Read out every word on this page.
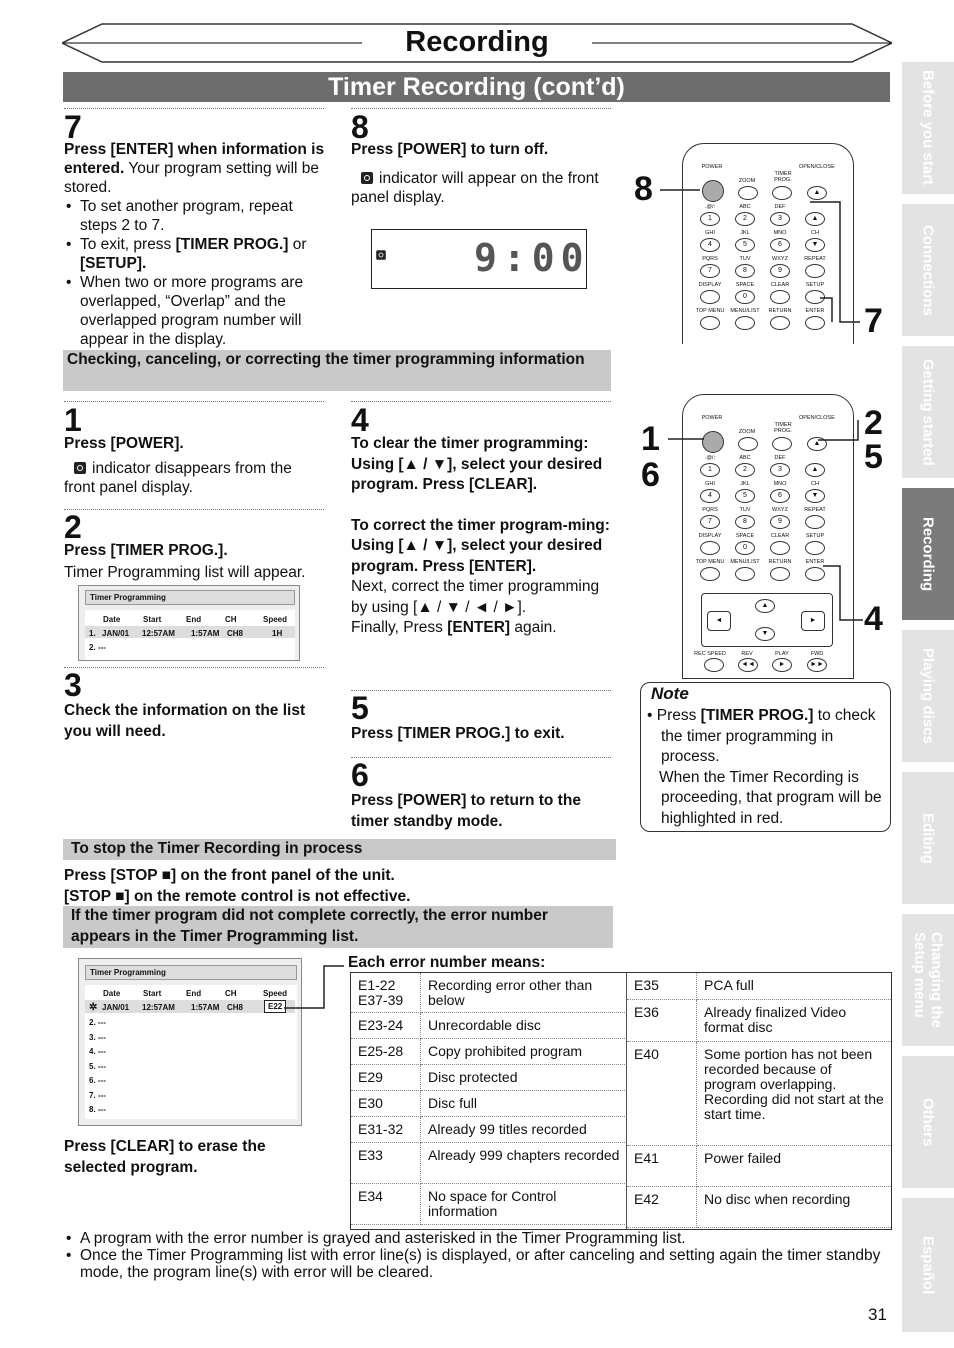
Recording
Timer Recording (cont’d)	Before you start
Connections
Getting started
Recording
Playing discs
Editing
Changing the
Setup menu
Others
Español
7
Press [ENTER] when information is entered. Your program setting will be stored.
• To set another program, repeat steps 2 to 7.
• To exit, press [TIMER PROG.] or [SETUP].
• When two or more programs are overlapped, “Overlap” and the overlapped program number will appear in the display.
8
Press [POWER] to turn off.
indicator will appear on the front panel display.
9:00
POWER
ZOOM
TIMER PROG.
OPEN/CLOSE
▲
.@/:
1
ABC
2
DEF
3	▲
GHI
4
JKL
5
MNO
6
CH
▼
PQRS
7
TUV
8
WXYZ
9
REPEAT
DISPLAY	SPACE
0
CLEAR	SETUP
TOP MENU	MENU/LIST	RETURN	ENTER
8
7
Checking, canceling, or correcting the timer programming information
1
Press [POWER].
indicator disappears from the front panel display.
2
Press [TIMER PROG.].
Timer Programming list will appear.
Timer Programming
Date	Start	End	CH	Speed
1. JAN/01 12:57AM 1:57AM CH8	1H
2. ---
3
Check the information on the list you will need.
4
To clear the timer programming: Using [▲ / ▼], select your desired program. Press [CLEAR].
To correct the timer program-ming:
Using [▲ / ▼], select your desired program. Press [ENTER].
Next, correct the timer programming by using [▲ / ▼ / ◄ / ►].
Finally, Press [ENTER] again.
5
Press [TIMER PROG.] to exit.
6
Press [POWER] to return to the timer standby mode.
POWER
ZOOM
TIMER PROG.
OPEN/CLOSE
▲
.@/:
1
ABC
2
DEF
3	▲
GHI
4
JKL
5
MNO
6
CH
▼
PQRS
7
TUV
8
WXYZ
9
REPEAT
DISPLAY	SPACE
0
CLEAR	SETUP
TOP MENU	MENU/LIST	RETURN	ENTER
▲
▼
◄	►
REC SPEED	REV	PLAY	FWD
◄◄	►	►►
1
6
2
5
4
Note
• Press [TIMER PROG.] to check the timer programming in process.
When the Timer Recording is proceeding, that program will be highlighted in red.
To stop the Timer Recording in process
Press [STOP ■] on the front panel of the unit.
[STOP ■] on the remote control is not effective.
If the timer program did not complete correctly, the error number appears in the Timer Programming list.
Timer Programming
Date	Start	End	CH	Speed
✲ JAN/01 12:57AM 1:57AM CH8	E22
2. ---
3. ---
4. ---
5. ---
6. ---
7. ---
8. ---
Press [CLEAR] to erase the selected program.
Each error number means:
E1-22
E37-39	Recording error other than below
E23-24	Unrecordable disc
E25-28	Copy prohibited program
E29	Disc protected
E30	Disc full
E31-32	Already 99 titles recorded
E33	Already 999 chapters recorded
E34	No space for Control information
E35	PCA full
E36	Already finalized Video format disc
E40	Some portion has not been recorded because of program overlapping. Recording did not start at the start time.
E41	Power failed
E42	No disc when recording
• A program with the error number is grayed and asterisked in the Timer Programming list.
• Once the Timer Programming list with error line(s) is displayed, or after canceling and setting again the timer standby mode, the program line(s) with error will be cleared.
31
